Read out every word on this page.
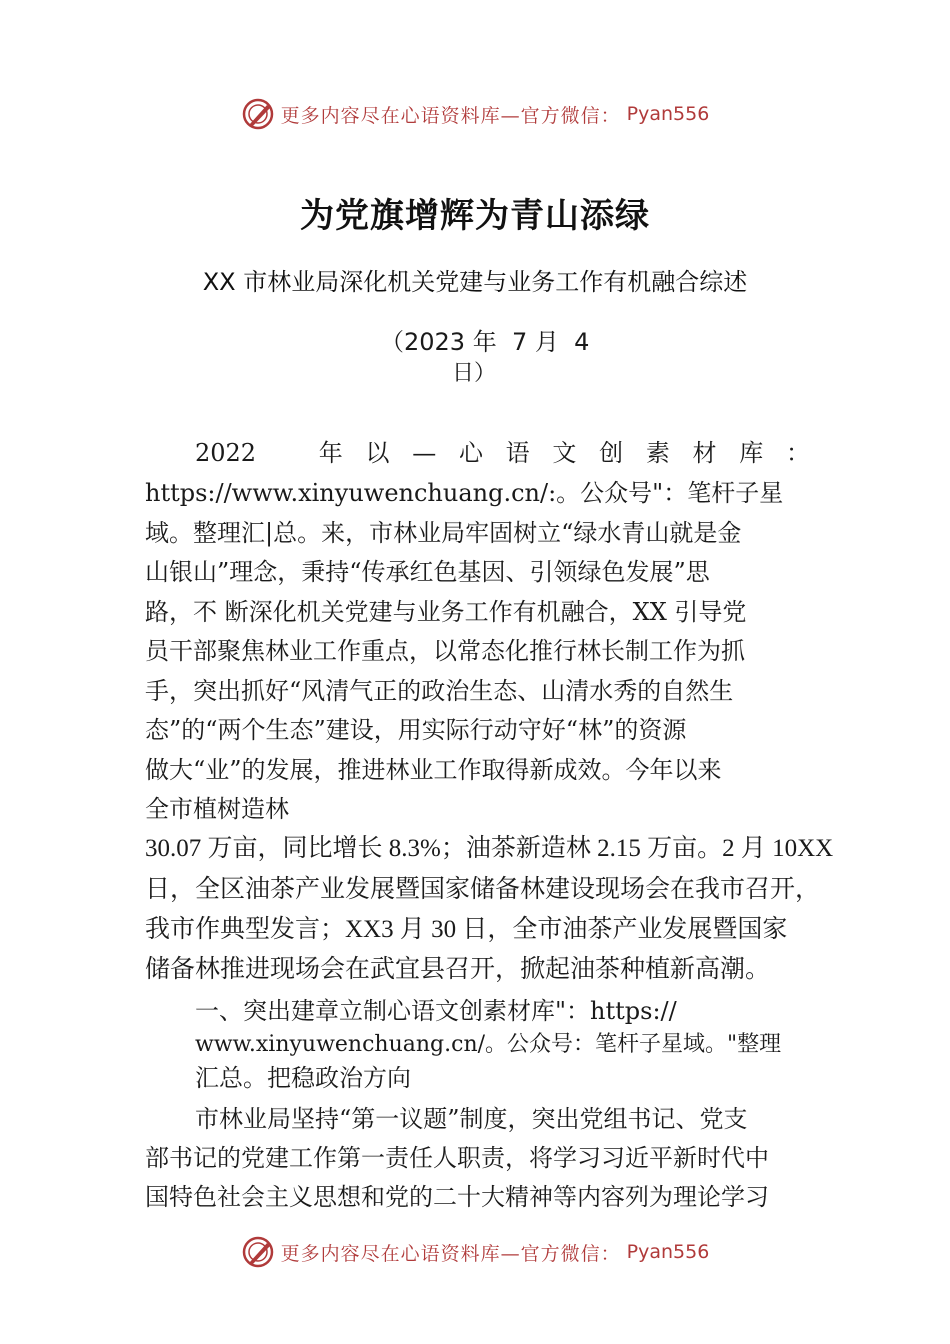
更多内容尽在心语资料库—官方微信： Pyan556
为党旗增辉为青山添绿
XX 市林业局深化机关党建与业务工作有机融合综述
（2023 年  7 月  4
日）
2022	年 以 — 心 语 文 创 素 材 库 ：
https://www.xinyuwenchuang.cn/:。公众号"：笔杆子星
域。整理汇|总。来，市林业局牢固树立“绿水青山就是金
山银山”理念，秉持“传承红色基因、引领绿色发展”思
路，不 断深化机关党建与业务工作有机融合，XX 引导党
员干部聚焦林业工作重点，以常态化推行林长制工作为抓
手，突出抓好“风清气正的政治生态、山清水秀的自然生
态”的“两个生态”建设，用实际行动守好“林”的资源
做大“业”的发展，推进林业工作取得新成效。今年以来
全市植树造林
30.07 万亩，同比增长 8.3%；油茶新造林 2.15 万亩。2 月 10XX
日，全区油茶产业发展暨国家储备林建设现场会在我市召开，
我市作典型发言；XX3 月 30 日，全市油茶产业发展暨国家
储备林推进现场会在武宜县召开，掀起油茶种植新高潮。
一、突出建章立制心语文创素材库"：https://
www.xinyuwenchuang.cn/。公众号：笔杆子星域。"整理
汇总。把稳政治方向
市林业局坚持“第一议题”制度，突出党组书记、党支
部书记的党建工作第一责任人职责，将学习习近平新时代中
国特色社会主义思想和党的二十大精神等内容列为理论学习
更多内容尽在心语资料库—官方微信： Pyan556
